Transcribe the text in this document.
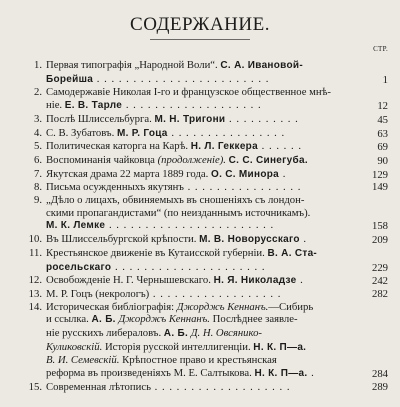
СОДЕРЖАНИЕ.
СТР.
1. Первая типографія „Народной Воли“. С. А. Ивановой-
Борейша . . . . . . . . . . . . . . . . . . . . . . . .	1
2. Самодержавіе Николая I-го и французское общественное мнѣ-
ніе. Е. В. Тарле . . . . . . . . . . . . . . . . . . .	12
3. Послѣ Шлиссельбурга. М. Н. Тригони . . . . . . . . . .	45
4. С. В. Зубатовъ. М. Р. Гоца . . . . . . . . . . . . . . . .	63
5. Политическая каторга на Карѣ. Н. Л. Геккера . . . . . .	69
6. Воспоминанія чайковца (продолженіе). С. С. Синегуба.	90
7. Якутская драма 22 марта 1889 года. О. С. Минора .	129
8. Письма осужденныхъ якутянъ . . . . . . . . . . . . . . . .	149
9. „Дѣло о лицахъ, обвиняемыхъ въ сношеніяхъ съ лондон-
скими пропагандистами“ (по неизданнымъ источникамъ).
М. К. Лемке . . . . . . . . . . . . . . . . . . . . . . .	158
10. Въ Шлиссельбургской крѣпости. М. В. Новорусскаго .	209
11. Крестьянское движеніе въ Кутаисской губерніи. В. А. Ста-
росельскаго . . . . . . . . . . . . . . . . . . . . .	229
12. Освобожденіе Н. Г. Чернышевскаго. Н. Я. Николадзе .	242
13. М. Р. Гоцъ (некрологъ) . . . . . . . . . . . . . . . . . .	282
14. Историческая библіографія: Джорджъ Кеннанъ.—Сибирь
и ссылка. А. Б. Джорджъ Кеннанъ. Послѣднее заявле-
ніе русскихъ либераловъ. А. Б. Д. Н. Овсянико-
Куликовскій. Исторія русской интеллигенціи. Н. К. П—а.
В. И. Семевскій. Крѣпостное право и крестьянская
реформа въ произведеніяхъ М. Е. Салтыкова. Н. К. П—а. .	284
15. Современная лѣтопись . . . . . . . . . . . . . . . . . . .	289
